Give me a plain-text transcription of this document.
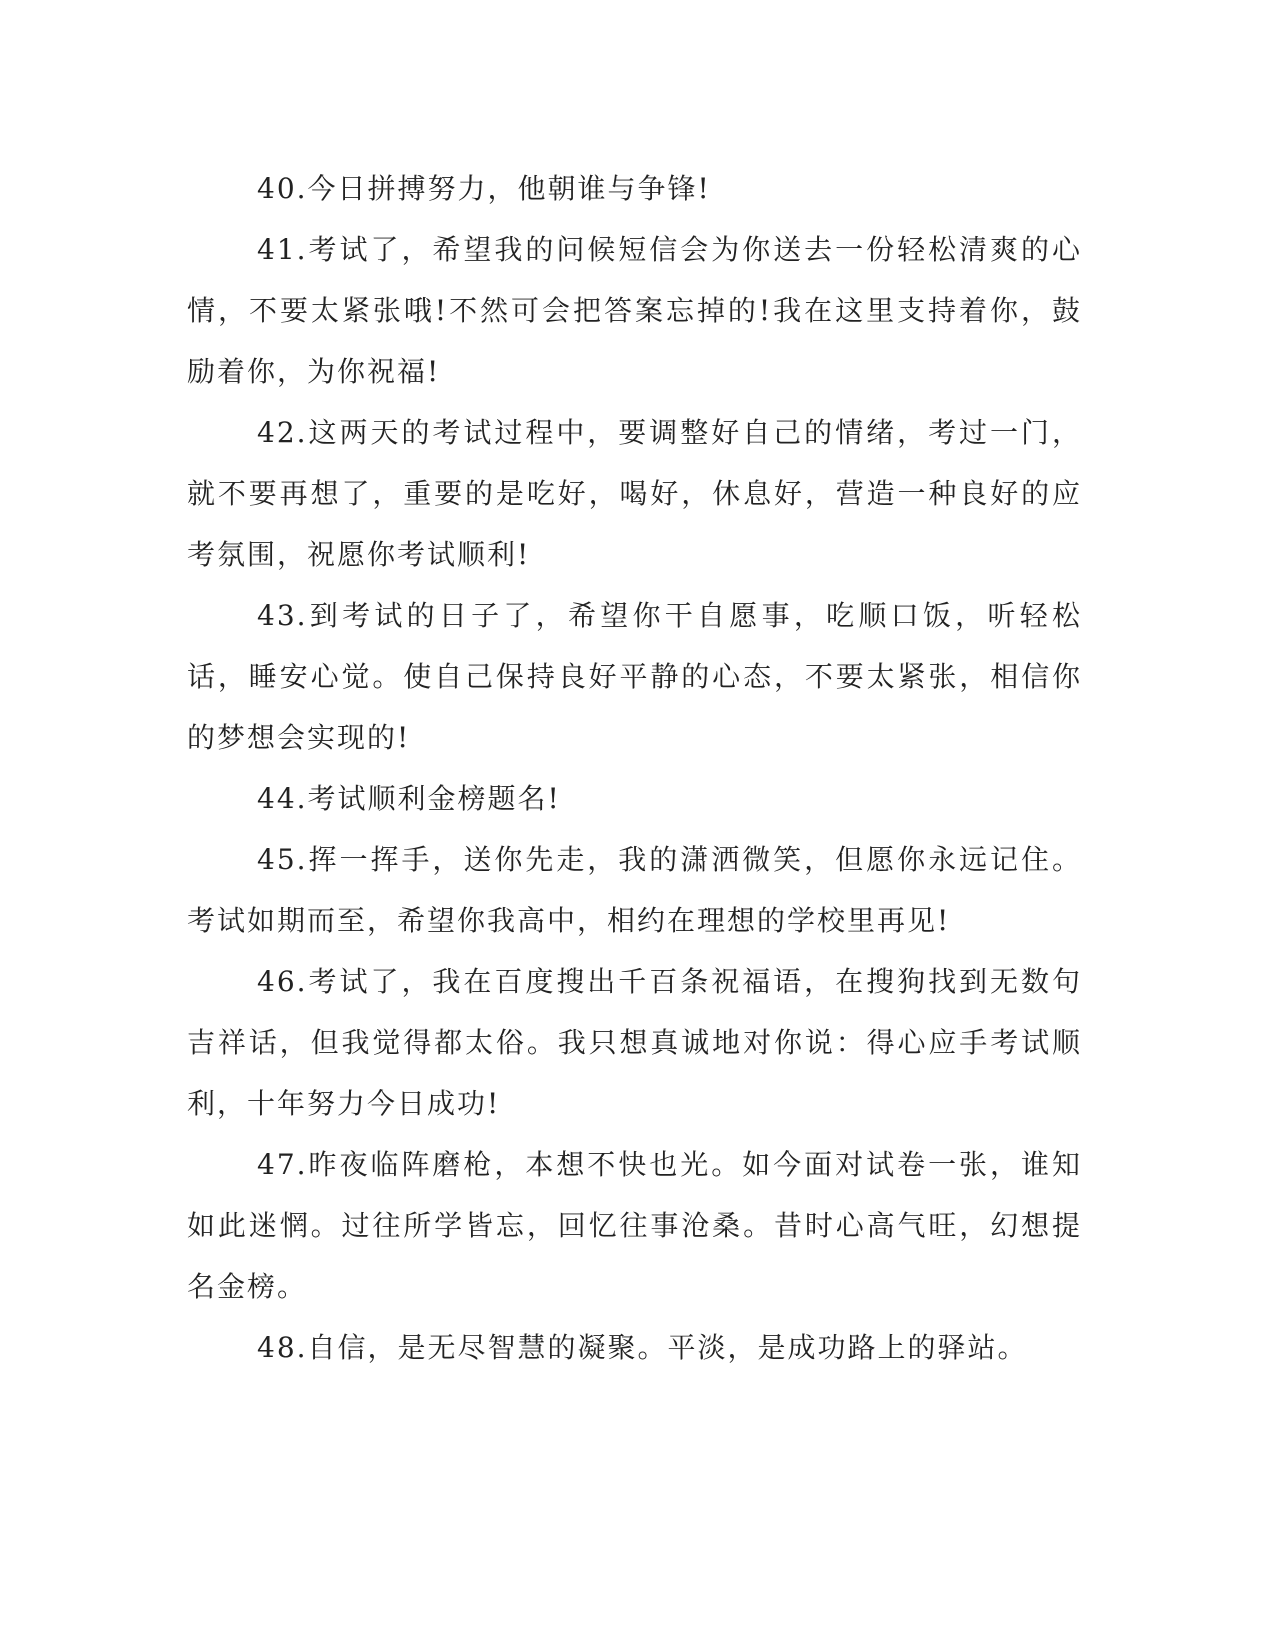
40.今日拼搏努力，他朝谁与争锋!

41.考试了，希望我的问候短信会为你送去一份轻松清爽的心情，不要太紧张哦!不然可会把答案忘掉的!我在这里支持着你，鼓励着你，为你祝福!

42.这两天的考试过程中，要调整好自己的情绪，考过一门，就不要再想了，重要的是吃好，喝好，休息好，营造一种良好的应考氛围，祝愿你考试顺利!

43.到考试的日子了，希望你干自愿事，吃顺口饭，听轻松话，睡安心觉。使自己保持良好平静的心态，不要太紧张，相信你的梦想会实现的!

44.考试顺利金榜题名!

45.挥一挥手，送你先走，我的潇洒微笑，但愿你永远记住。考试如期而至，希望你我高中，相约在理想的学校里再见!

46.考试了，我在百度搜出千百条祝福语，在搜狗找到无数句吉祥话，但我觉得都太俗。我只想真诚地对你说：得心应手考试顺利，十年努力今日成功!

47.昨夜临阵磨枪，本想不快也光。如今面对试卷一张，谁知如此迷惘。过往所学皆忘，回忆往事沧桑。昔时心高气旺，幻想提名金榜。

48.自信，是无尽智慧的凝聚。平淡，是成功路上的驿站。
